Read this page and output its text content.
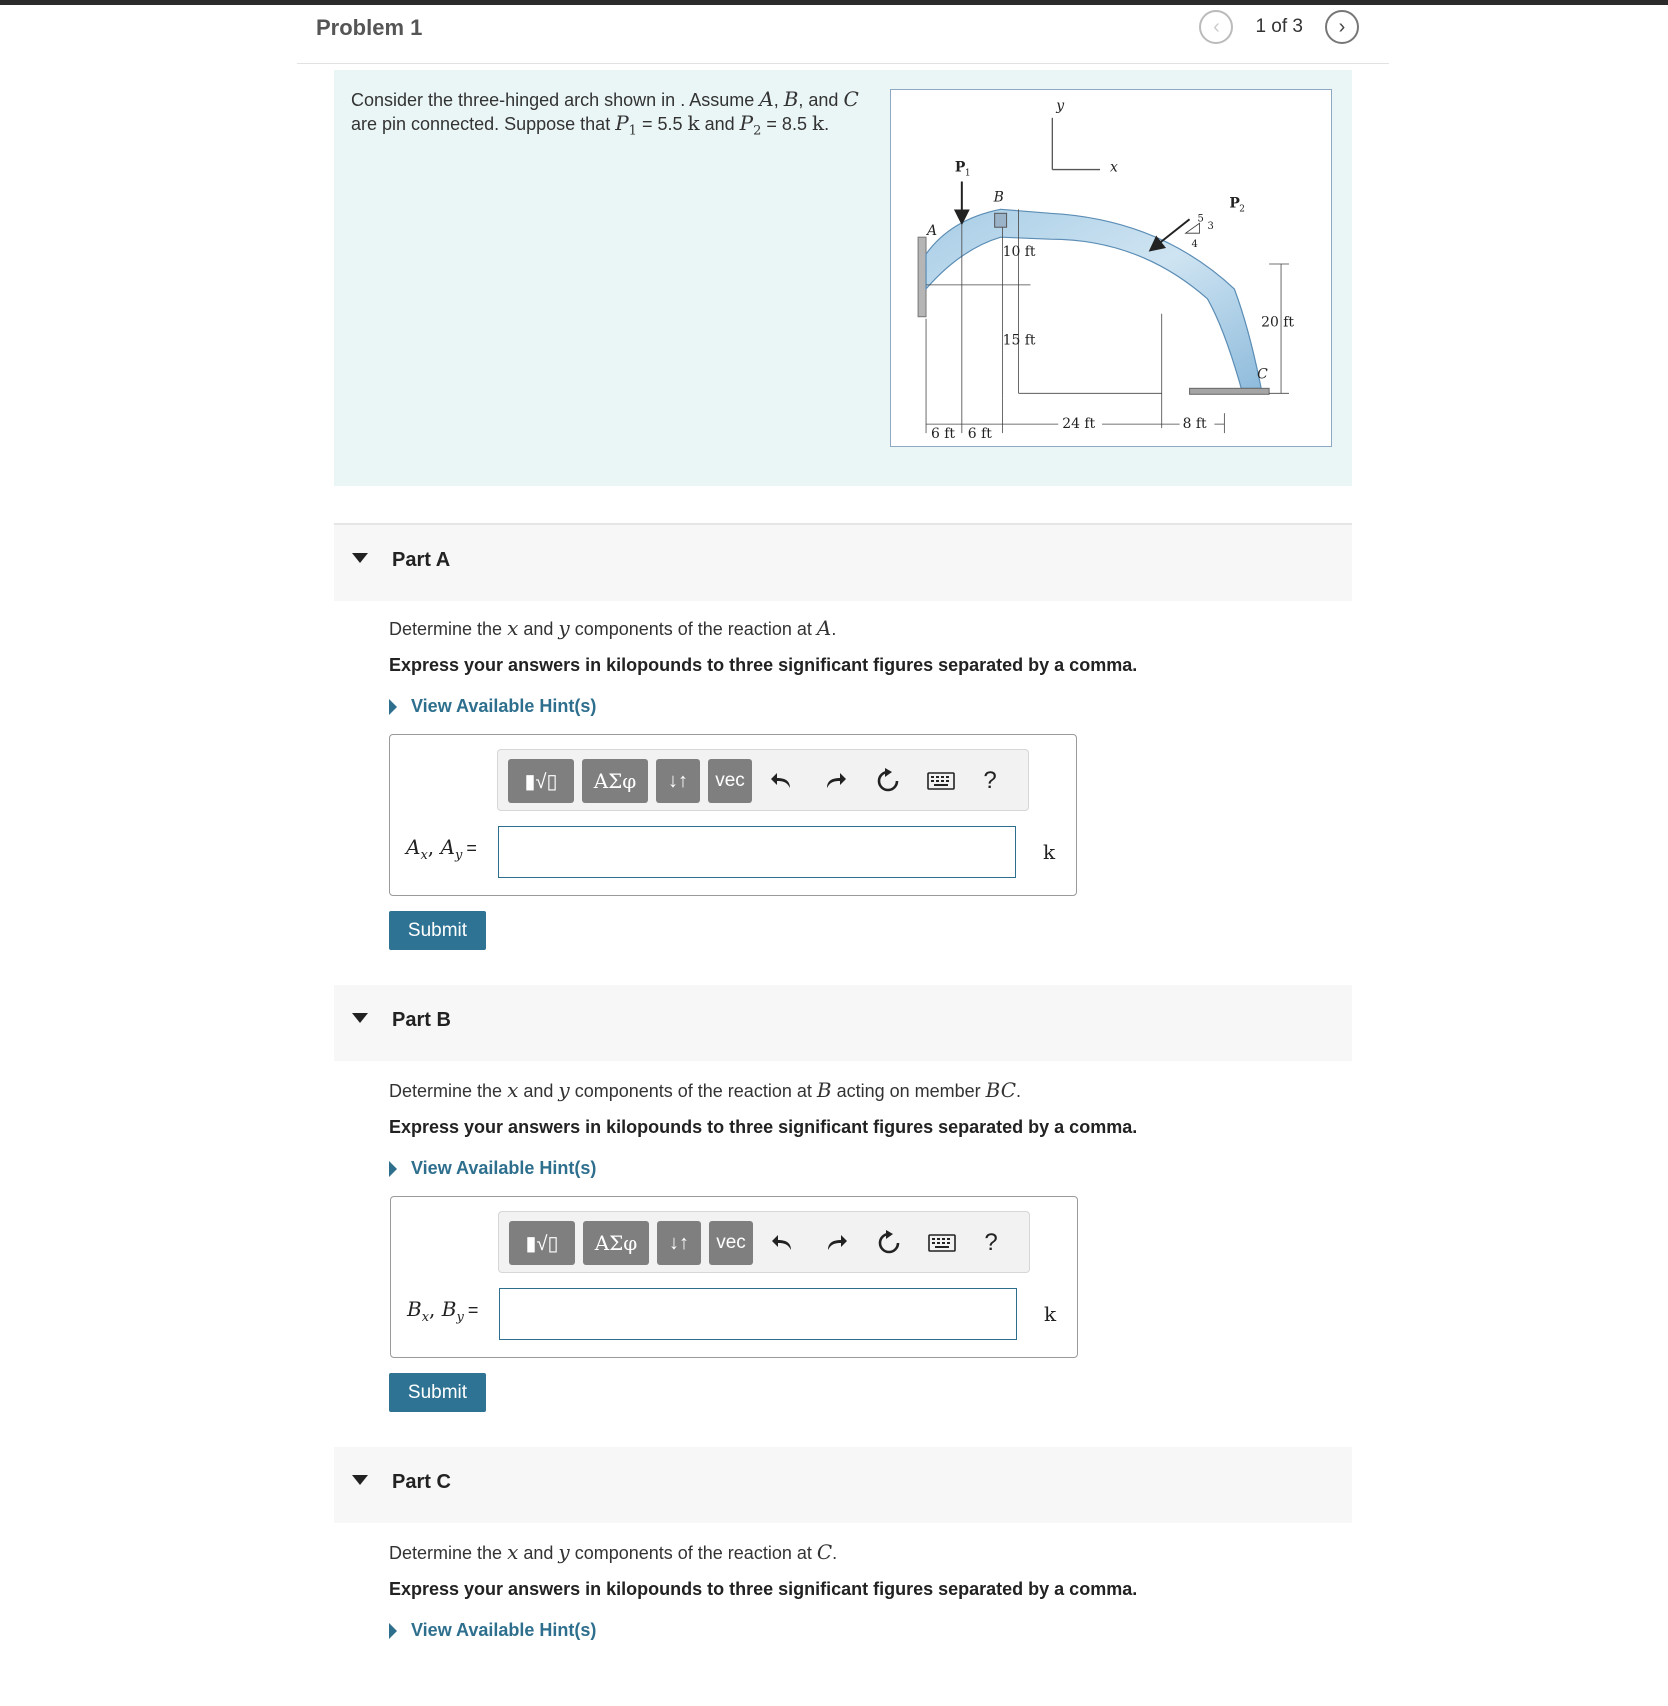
Problem 1	‹ 1 of 3 ›
Consider the three-hinged arch shown in . Assume A, B, and C
are pin connected. Suppose that $P_1 = 5.5$ k and $P_2 = 8.5$ k.
y
x
P 1
P 2
5
3
4
A
B
C
10 ft
15 ft
20 ft
6 ft 6 ft
24 ft	8 ft
Part A
Determine the x and y components of the reaction at A.
Express your answers in kilopounds to three significant figures separated by a comma.
View Available Hint(s)
▮√▯ ΑΣφ ↓↑ vec	?
$A_x$, $A_y$ =	k
Submit
Part B
Determine the x and y components of the reaction at B acting on member BC.
Express your answers in kilopounds to three significant figures separated by a comma.
View Available Hint(s)
▮√▯ ΑΣφ ↓↑ vec	?
$B_x$, $B_y$ =	k
Submit
Part C
Determine the x and y components of the reaction at C.
Express your answers in kilopounds to three significant figures separated by a comma.
View Available Hint(s)
